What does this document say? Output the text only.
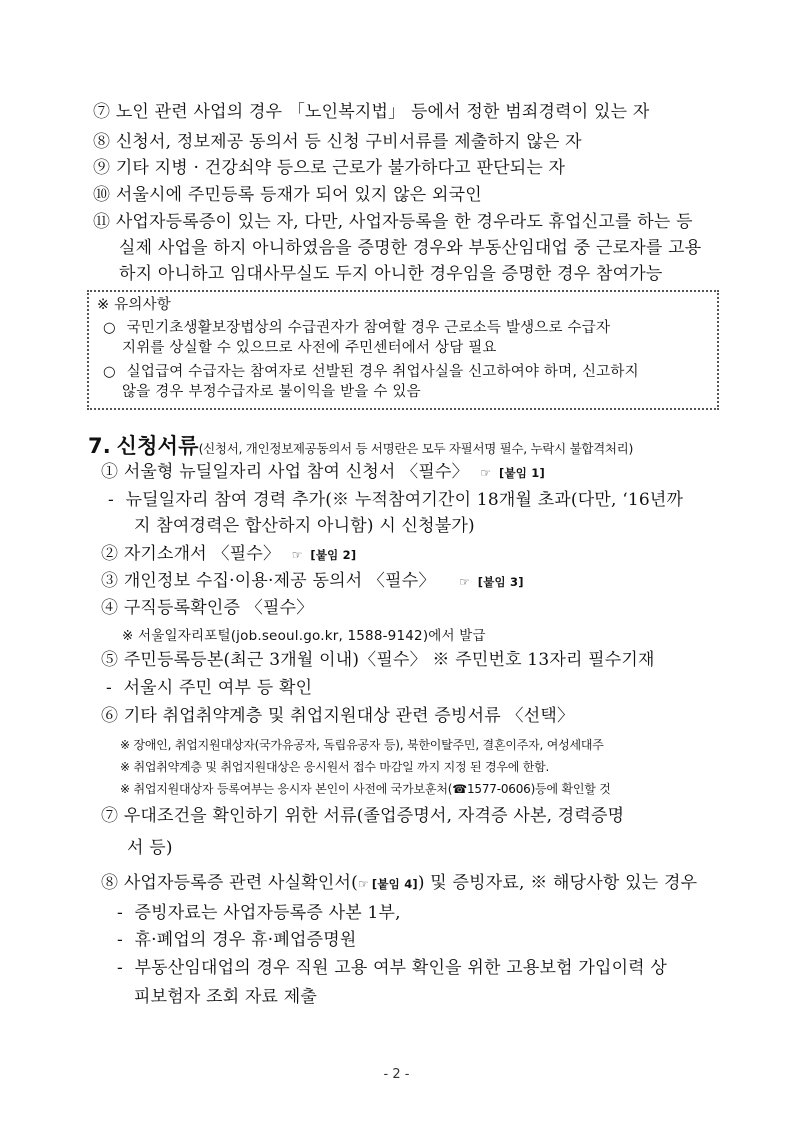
⑦ 노인 관련 사업의 경우 「노인복지법」 등에서 정한 범죄경력이 있는 자
⑧ 신청서, 정보제공 동의서 등 신청 구비서류를 제출하지 않은 자
⑨ 기타 지병 · 건강쇠약 등으로 근로가 불가하다고 판단되는 자
⑩ 서울시에 주민등록 등재가 되어 있지 않은 외국인
⑪ 사업자등록증이 있는 자, 다만, 사업자등록을 한 경우라도 휴업신고를 하는 등
실제 사업을 하지 아니하였음을 증명한 경우와 부동산임대업 중 근로자를 고용
하지 아니하고 임대사무실도 두지 아니한 경우임을 증명한 경우 참여가능
※ 유의사항
○ 국민기초생활보장법상의 수급권자가 참여할 경우 근로소득 발생으로 수급자
지위를 상실할 수 있으므로 사전에 주민센터에서 상담 필요
○ 실업급여 수급자는 참여자로 선발된 경우 취업사실을 신고하여야 하며, 신고하지
않을 경우 부정수급자로 불이익을 받을 수 있음
7. 신청서류(신청서, 개인정보제공동의서 등 서명란은 모두 자필서명 필수, 누락시 불합격처리)
① 서울형 뉴딜일자리 사업 참여 신청서 〈필수〉 ☞ [붙임 1]
- 뉴딜일자리 참여 경력 추가(※ 누적참여기간이 18개월 초과(다만, ‘16년까
지 참여경력은 합산하지 아니함) 시 신청불가)
② 자기소개서 〈필수〉 ☞ [붙임 2]
③ 개인정보 수집·이용·제공 동의서 〈필수〉 ☞ [붙임 3]
④ 구직등록확인증 〈필수〉
※ 서울일자리포털(job.seoul.go.kr, 1588-9142)에서 발급
⑤ 주민등록등본(최근 3개월 이내)〈필수〉 ※ 주민번호 13자리 필수기재
- 서울시 주민 여부 등 확인
⑥ 기타 취업취약계층 및 취업지원대상 관련 증빙서류 〈선택〉
※ 장애인, 취업지원대상자(국가유공자, 독립유공자 등), 북한이탈주민, 결혼이주자, 여성세대주
※ 취업취약계층 및 취업지원대상은 응시원서 접수 마감일 까지 지정 된 경우에 한함.
※ 취업지원대상자 등록여부는 응시자 본인이 사전에 국가보훈처(☎1577-0606)등에 확인할 것
⑦ 우대조건을 확인하기 위한 서류(졸업증명서, 자격증 사본, 경력증명
서 등)
⑧ 사업자등록증 관련 사실확인서(☞ [붙임 4]) 및 증빙자료, ※ 해당사항 있는 경우
- 증빙자료는 사업자등록증 사본 1부,
- 휴·폐업의 경우 휴·폐업증명원
- 부동산임대업의 경우 직원 고용 여부 확인을 위한 고용보험 가입이력 상
피보험자 조회 자료 제출
- 2 -
